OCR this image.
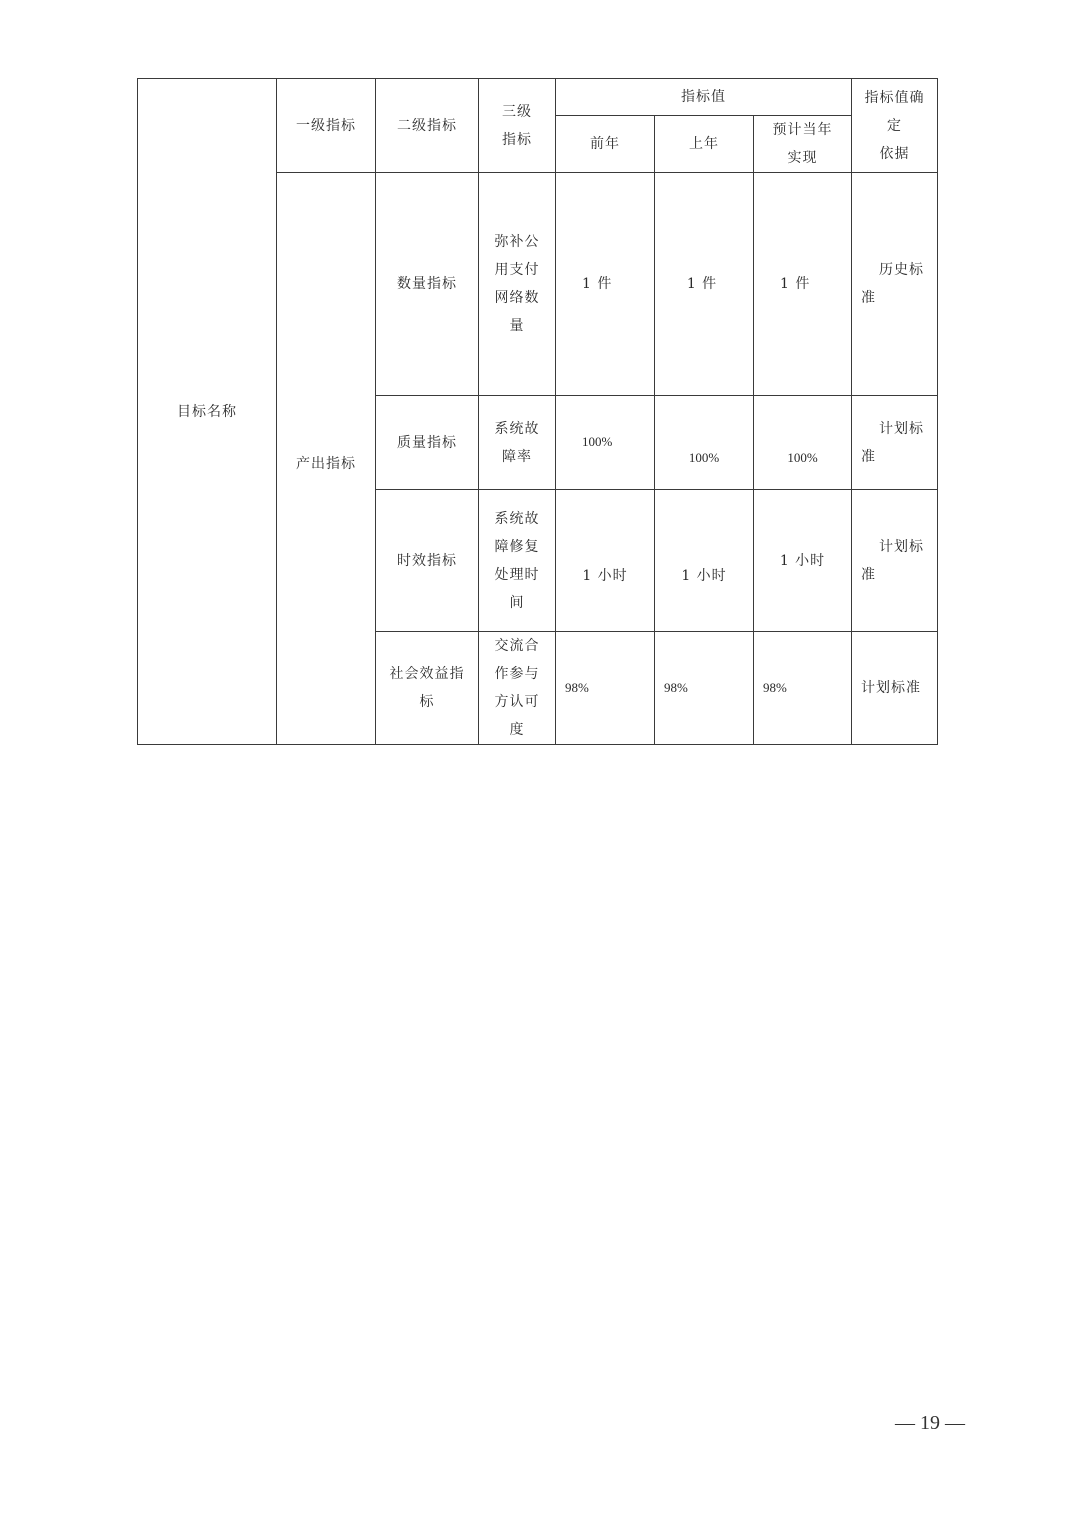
目标名称	一级指标	二级指标	三级
指标	指标值			指标值确
定
依据
				前年	上年	预计当年
实现	
	产出指标	数量指标	弥补公
用支付
网络数
量	1 件	1 件	1 件	历史标
准

		质量指标	系统故
障率	100%	100%	100%	计划标
准
		时效指标	系统故
障修复
处理时
间	1 小时	1 小时	1 小时	计划标
准
		社会效益指
标	交流合
作参与
方认可
度	98%	98%	98%	计划标准
— 19 —
